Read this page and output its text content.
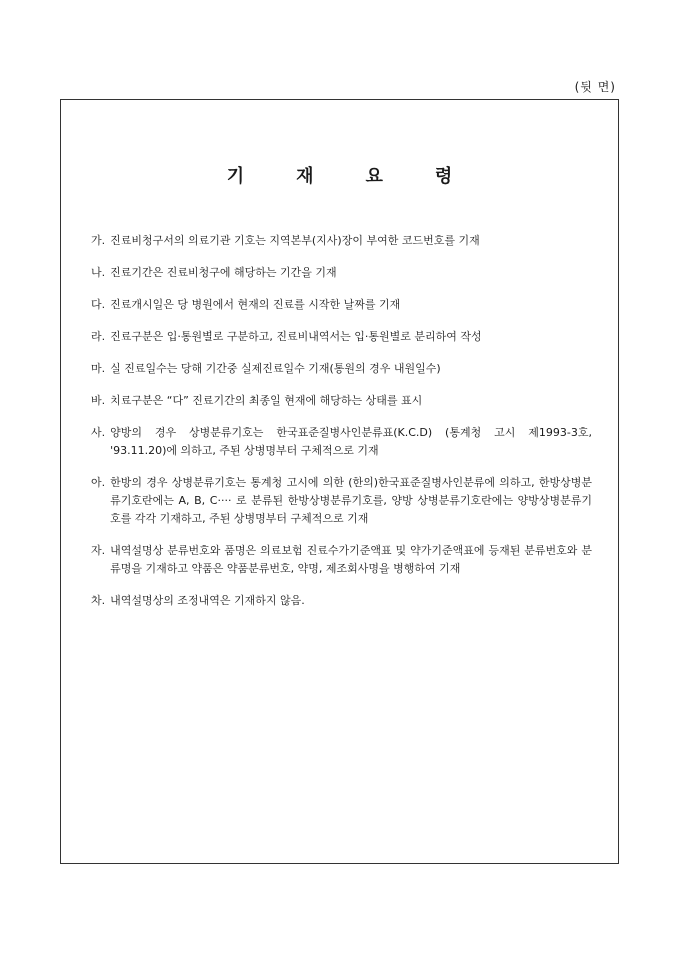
(뒷 면)
기	재	요	령
가. 진료비청구서의 의료기관 기호는 지역본부(지사)장이 부여한 코드번호를 기재
나. 진료기간은 진료비청구에 해당하는 기간을 기재
다. 진료개시일은 당 병원에서 현재의 진료를 시작한 날짜를 기재
라. 진료구분은 입·통원별로 구분하고, 진료비내역서는 입·통원별로 분리하여 작성
마. 실 진료일수는 당해 기간중 실제진료일수 기재(통원의 경우 내원일수)
바. 치료구분은 “다” 진료기간의 최종일 현재에 해당하는 상태를 표시
사. 양방의 경우 상병분류기호는 한국표준질병사인분류표(K.C.D) (통계청 고시 제1993-3호, '93.11.20)에 의하고, 주된 상병명부터 구체적으로 기재
아. 한방의 경우 상병분류기호는 통계청 고시에 의한 (한의)한국표준질병사인분류에 의하고, 한방상병분류기호란에는 A, B, C···· 로 분류된 한방상병분류기호를, 양방 상병분류기호란에는 양방상병분류기호를 각각 기재하고, 주된 상병명부터 구체적으로 기재
자. 내역설명상 분류번호와 품명은 의료보험 진료수가기준액표 및 약가기준액표에 등재된 분류번호와 분류명을 기재하고 약품은 약품분류번호, 약명, 제조회사명을 병행하여 기재
차. 내역설명상의 조정내역은 기재하지 않음.
